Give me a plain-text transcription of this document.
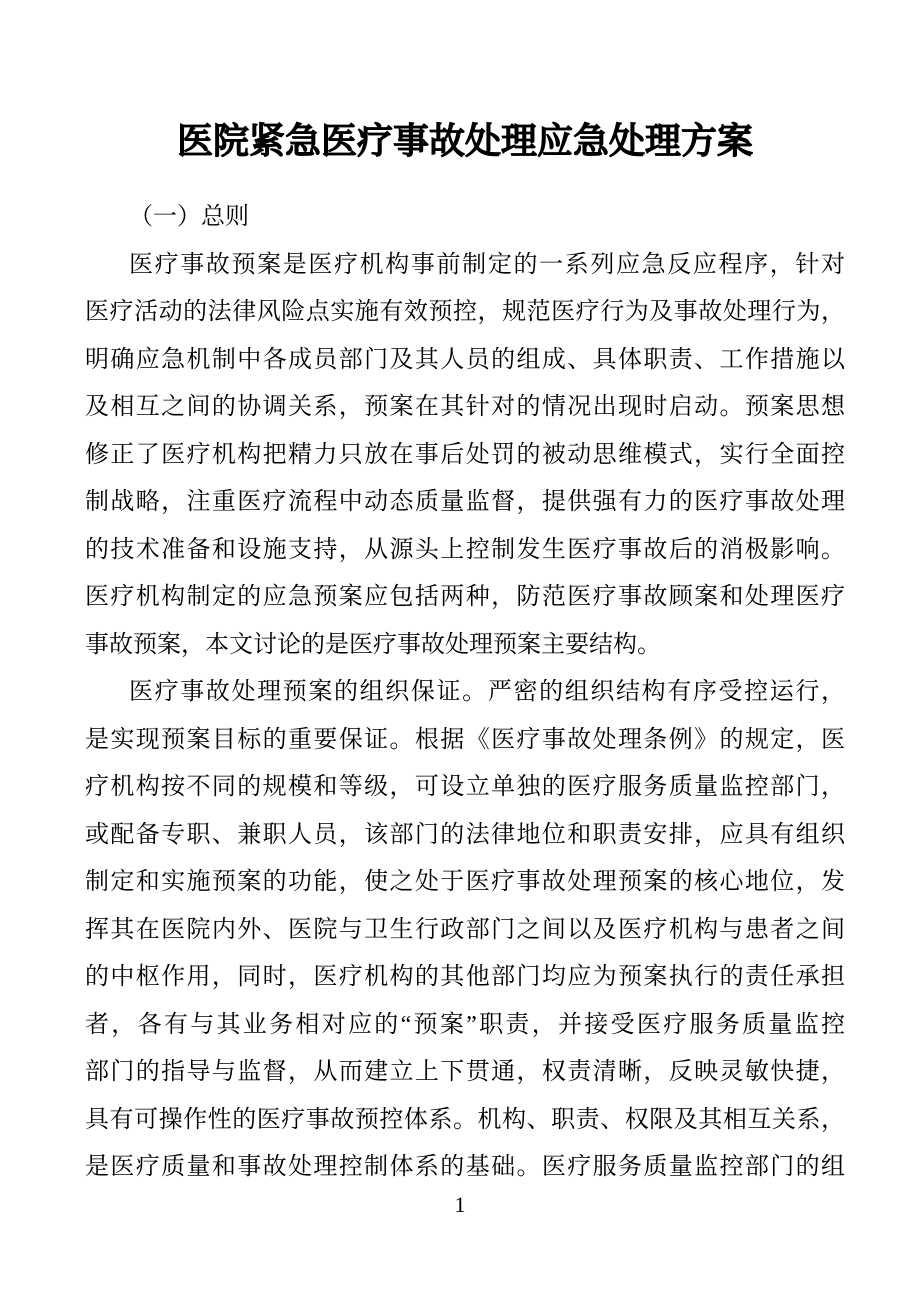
医院紧急医疗事故处理应急处理方案
（一）总则
医疗事故预案是医疗机构事前制定的一系列应急反应程序，针对
医疗活动的法律风险点实施有效预控，规范医疗行为及事故处理行为，
明确应急机制中各成员部门及其人员的组成、具体职责、工作措施以
及相互之间的协调关系，预案在其针对的情况出现时启动。预案思想
修正了医疗机构把精力只放在事后处罚的被动思维模式，实行全面控
制战略，注重医疗流程中动态质量监督，提供强有力的医疗事故处理
的技术准备和设施支持，从源头上控制发生医疗事故后的消极影响。
医疗机构制定的应急预案应包括两种，防范医疗事故顾案和处理医疗
事故预案，本文讨论的是医疗事故处理预案主要结构。
医疗事故处理预案的组织保证。严密的组织结构有序受控运行，
是实现预案目标的重要保证。根据《医疗事故处理条例》的规定，医
疗机构按不同的规模和等级，可设立单独的医疗服务质量监控部门，
或配备专职、兼职人员，该部门的法律地位和职责安排，应具有组织
制定和实施预案的功能，使之处于医疗事故处理预案的核心地位，发
挥其在医院内外、医院与卫生行政部门之间以及医疗机构与患者之间
的中枢作用，同时，医疗机构的其他部门均应为预案执行的责任承担
者，各有与其业务相对应的“预案”职责，并接受医疗服务质量监控
部门的指导与监督，从而建立上下贯通，权责清晰，反映灵敏快捷，
具有可操作性的医疗事故预控体系。机构、职责、权限及其相互关系，
是医疗质量和事故处理控制体系的基础。医疗服务质量监控部门的组
1
